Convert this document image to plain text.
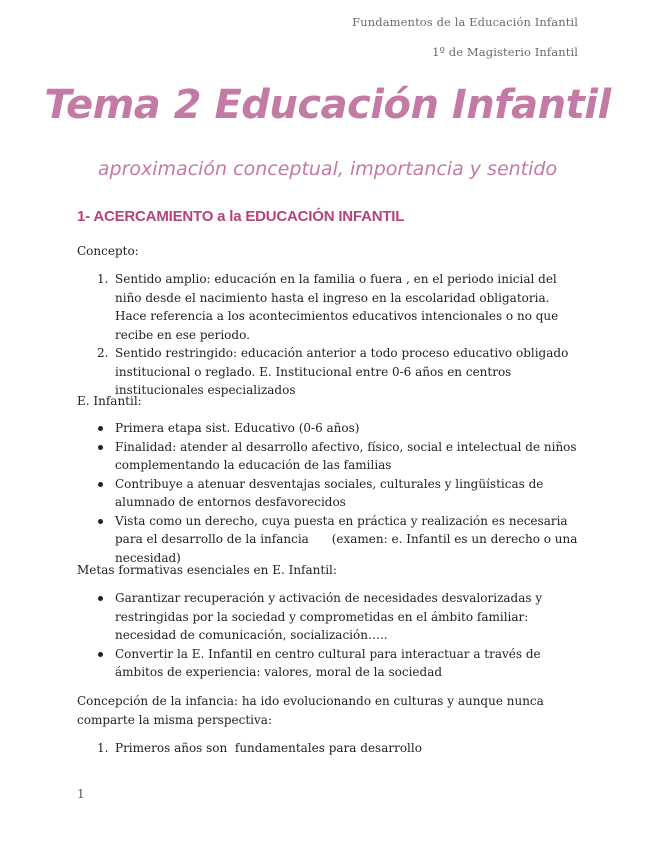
Fundamentos de la Educación Infantil
1º de Magisterio Infantil
Tema 2 Educación Infantil
aproximación conceptual, importancia y sentido
1- ACERCAMIENTO a la EDUCACIÓN INFANTIL
Concepto:
1. Sentido amplio: educación en la familia o fuera , en el periodo inicial del niño desde el nacimiento hasta el ingreso en la escolaridad obligatoria. Hace referencia a los acontecimientos educativos intencionales o no que recibe en ese periodo.
2. Sentido restringido: educación anterior a todo proceso educativo obligado institucional o reglado. E. Institucional entre 0-6 años en centros institucionales especializados
E. Infantil:
Primera etapa sist. Educativo (0-6 años)
Finalidad: atender al desarrollo afectivo, físico, social e intelectual de niños complementando la educación de las familias
Contribuye a atenuar desventajas sociales, culturales y lingüísticas de alumnado de entornos desfavorecidos
Vista como un derecho, cuya puesta en práctica y realización es necesaria para el desarrollo de la infancia      (examen: e. Infantil es un derecho o una necesidad)
Metas formativas esenciales en E. Infantil:
Garantizar recuperación y activación de necesidades desvalorizadas y restringidas por la sociedad y comprometidas en el ámbito familiar: necesidad de comunicación, socialización…..
Convertir la E. Infantil en centro cultural para interactuar a través de ámbitos de experiencia: valores, moral de la sociedad
Concepción de la infancia: ha ido evolucionando en culturas y aunque nunca comparte la misma perspectiva:
1. Primeros años son  fundamentales para desarrollo
1
